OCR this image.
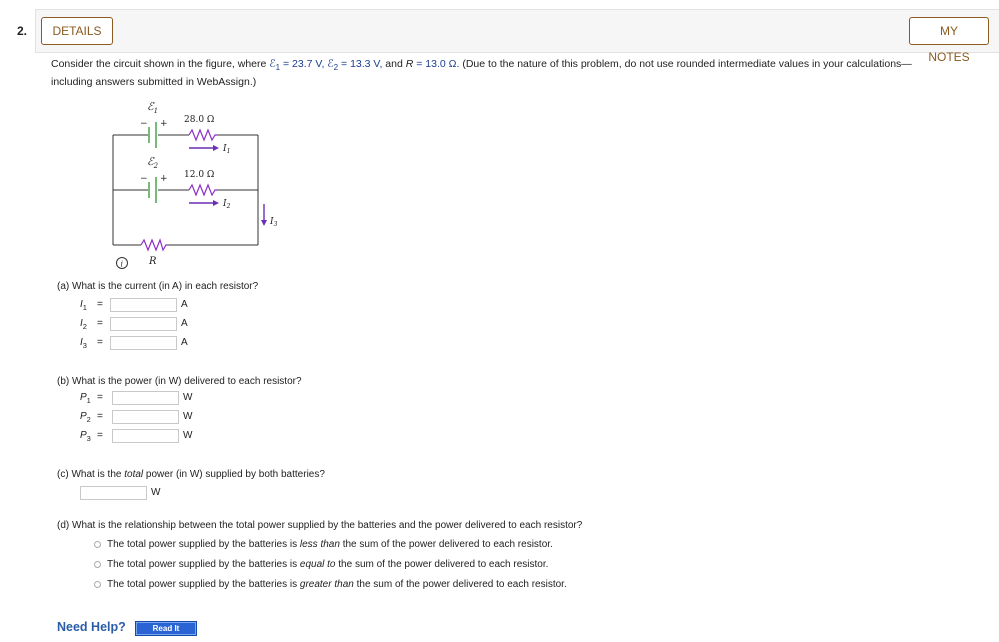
2.	DETAILS	MY NOTES
Consider the circuit shown in the figure, where ℰ$_1$ = 23.7 V, ℰ$_2$ = 13.3 V, and R = 13.0 Ω. (Due to the nature of this problem, do not use rounded intermediate values in your calculations—including answers submitted in WebAssign.)
ℰ$_1$
ℰ$_2$
− +
− +
28.0 Ω
12.0 Ω
$I_1$
$I_2$
$I_3$
R
i
(a) What is the current (in A) in each resistor?
$I_1$	=	A
$I_2$	=	A
$I_3$	=	A
(b) What is the power (in W) delivered to each resistor?
$P_1$ =	W
$P_2$ =	W
$P_3$ =	W
(c) What is the total power (in W) supplied by both batteries?
W
(d) What is the relationship between the total power supplied by the batteries and the power delivered to each resistor?
The total power supplied by the batteries is less than the sum of the power delivered to each resistor.
The total power supplied by the batteries is equal to the sum of the power delivered to each resistor.
The total power supplied by the batteries is greater than the sum of the power delivered to each resistor.
Need Help?	Read It
